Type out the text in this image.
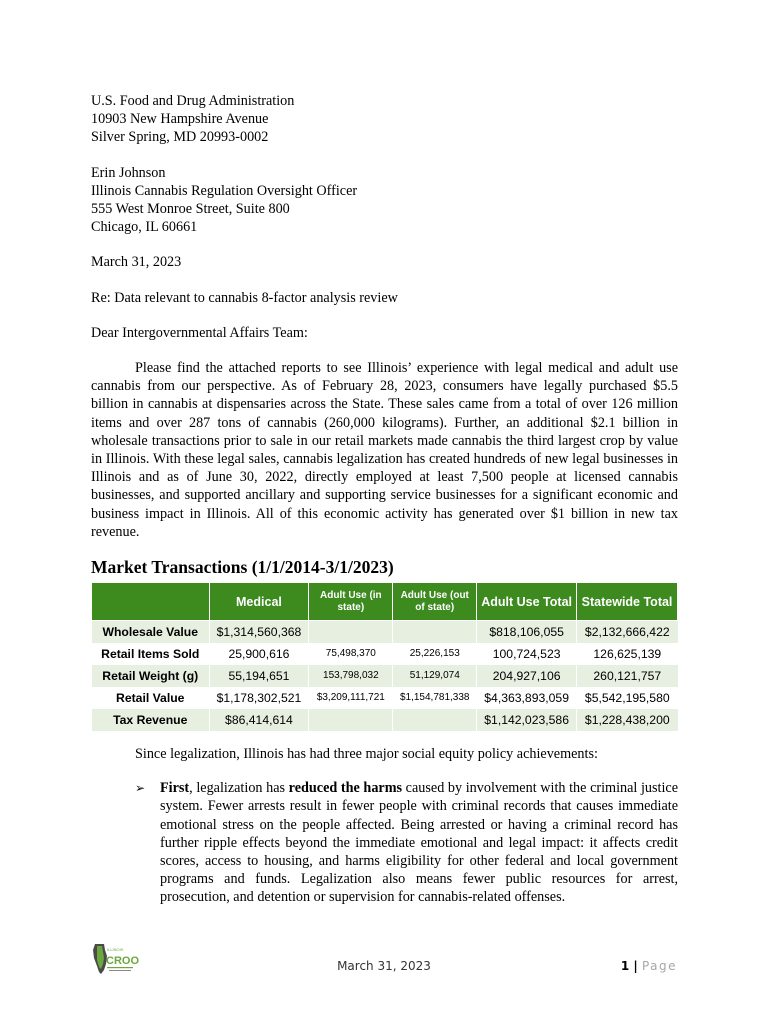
U.S. Food and Drug Administration
10903 New Hampshire Avenue
Silver Spring, MD 20993-0002
Erin Johnson
Illinois Cannabis Regulation Oversight Officer
555 West Monroe Street, Suite 800
Chicago, IL 60661
March 31, 2023
Re: Data relevant to cannabis 8-factor analysis review
Dear Intergovernmental Affairs Team:

Please find the attached reports to see Illinois’ experience with legal medical and adult use cannabis from our perspective. As of February 28, 2023, consumers have legally purchased $5.5 billion in cannabis at dispensaries across the State. These sales came from a total of over 126 million items and over 287 tons of cannabis (260,000 kilograms). Further, an additional $2.1 billion in wholesale transactions prior to sale in our retail markets made cannabis the third largest crop by value in Illinois. With these legal sales, cannabis legalization has created hundreds of new legal businesses in Illinois and as of June 30, 2022, directly employed at least 7,500 people at licensed cannabis businesses, and supported ancillary and supporting service businesses for a significant economic and business impact in Illinois. All of this economic activity has generated over $1 billion in new tax revenue.

Market Transactions (1/1/2014-3/1/2023)
	Medical	Adult Use (in state)	Adult Use (out of state)	Adult Use Total	Statewide Total
Wholesale Value	$1,314,560,368			$818,106,055	$2,132,666,422
Retail Items Sold	25,900,616	75,498,370	25,226,153	100,724,523	126,625,139
Retail Weight (g)	55,194,651	153,798,032	51,129,074	204,927,106	260,121,757
Retail Value	$1,178,302,521	$3,209,111,721	$1,154,781,338	$4,363,893,059	$5,542,195,580
Tax Revenue	$86,414,614			$1,142,023,586	$1,228,438,200
Since legalization, Illinois has had three major social equity policy achievements:
➢ First, legalization has reduced the harms caused by involvement with the criminal justice system. Fewer arrests result in fewer people with criminal records that causes immediate emotional stress on the people affected. Being arrested or having a criminal record has further ripple effects beyond the immediate emotional and legal impact: it affects credit scores, access to housing, and harms eligibility for other federal and local government programs and funds. Legalization also means fewer public resources for arrest, prosecution, and detention or supervision for cannabis-related offenses.
ILLINOIS
CROO	March 31, 2023	1 | Page
